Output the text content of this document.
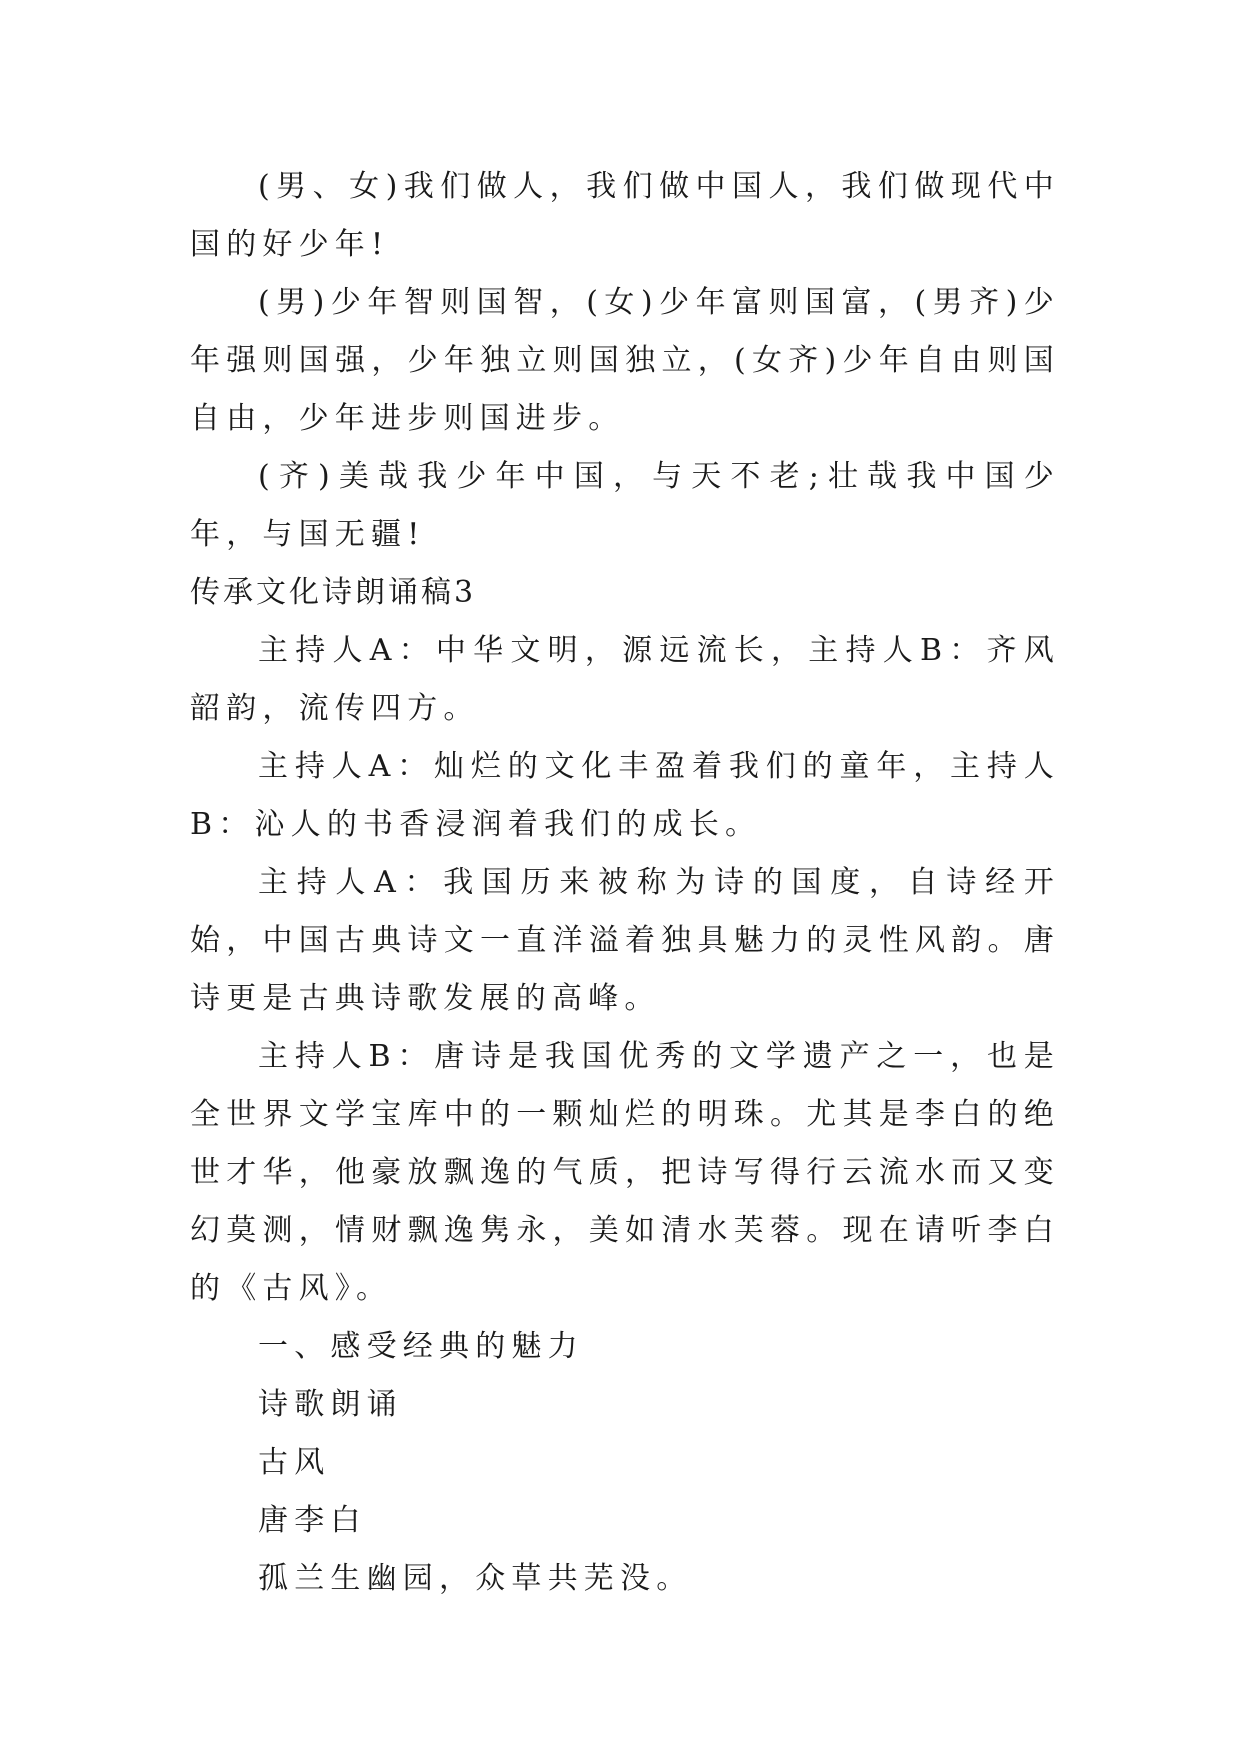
(男、女)我们做人，我们做中国人，我们做现代中国的好少年!

(男)少年智则国智，(女)少年富则国富，(男齐)少年强则国强，少年独立则国独立，(女齐)少年自由则国自由，少年进步则国进步。

(齐)美哉我少年中国，与天不老;壮哉我中国少年，与国无疆!

传承文化诗朗诵稿3

主持人A：中华文明，源远流长，主持人B：齐风韶韵，流传四方。

主持人A：灿烂的文化丰盈着我们的童年，主持人B：沁人的书香浸润着我们的成长。

主持人A：我国历来被称为诗的国度，自诗经开始，中国古典诗文一直洋溢着独具魅力的灵性风韵。唐诗更是古典诗歌发展的高峰。

主持人B：唐诗是我国优秀的文学遗产之一，也是全世界文学宝库中的一颗灿烂的明珠。尤其是李白的绝世才华，他豪放飘逸的气质，把诗写得行云流水而又变幻莫测，情财飘逸隽永，美如清水芙蓉。现在请听李白的《古风》。

一、感受经典的魅力

诗歌朗诵

古风

唐李白

孤兰生幽园，众草共芜没。
